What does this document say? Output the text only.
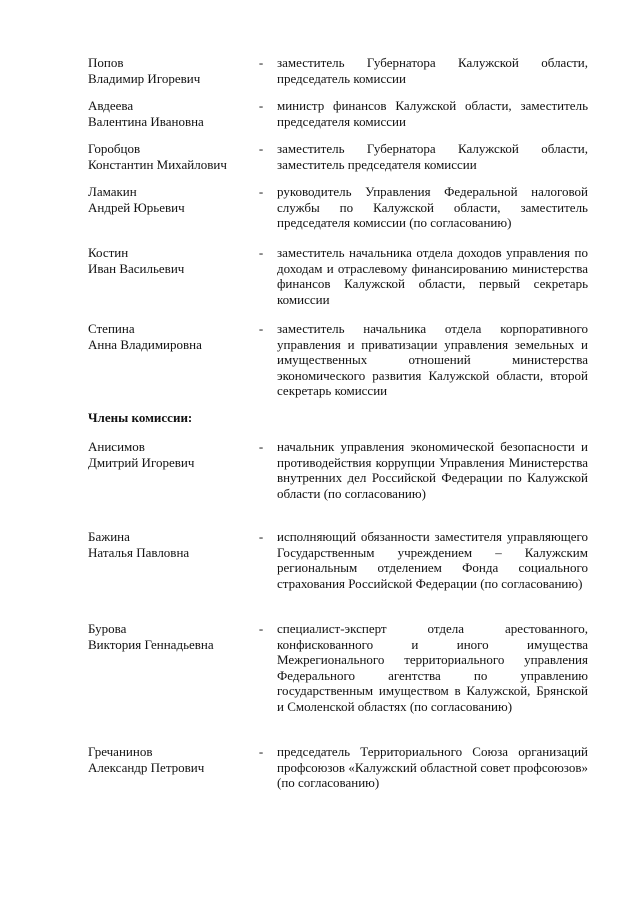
Попов
Владимир Игоревич
- заместитель Губернатора Калужской области, председатель комиссии
Авдеева
Валентина Ивановна
- министр финансов Калужской области, заместитель председателя комиссии
Горобцов
Константин Михайлович
- заместитель Губернатора Калужской области, заместитель председателя комиссии
Ламакин
Андрей Юрьевич
- руководитель Управления Федеральной налоговой службы по Калужской области, заместитель председателя комиссии (по согласованию)
Костин
Иван Васильевич
- заместитель начальника отдела доходов управления по доходам и отраслевому финансированию министерства финансов Калужской области, первый секретарь комиссии
Степина
Анна Владимировна
- заместитель начальника отдела корпоративного управления и приватизации управления земельных и имущественных отношений министерства экономического развития Калужской области, второй секретарь комиссии
Члены комиссии:
Анисимов
Дмитрий Игоревич
- начальник управления экономической безопасности и противодействия коррупции Управления Министерства внутренних дел Российской Федерации по Калужской области (по согласованию)
Бажина
Наталья Павловна
- исполняющий обязанности заместителя управляющего Государственным учреждением – Калужским региональным отделением Фонда социального страхования Российской Федерации (по согласованию)
Бурова
Виктория Геннадьевна
- специалист-эксперт отдела арестованного, конфискованного и иного имущества Межрегионального территориального управления Федерального агентства по управлению государственным имуществом в Калужской, Брянской и Смоленской областях (по согласованию)
Гречанинов
Александр Петрович
- председатель Территориального Союза организаций профсоюзов «Калужский областной совет профсоюзов» (по согласованию)
